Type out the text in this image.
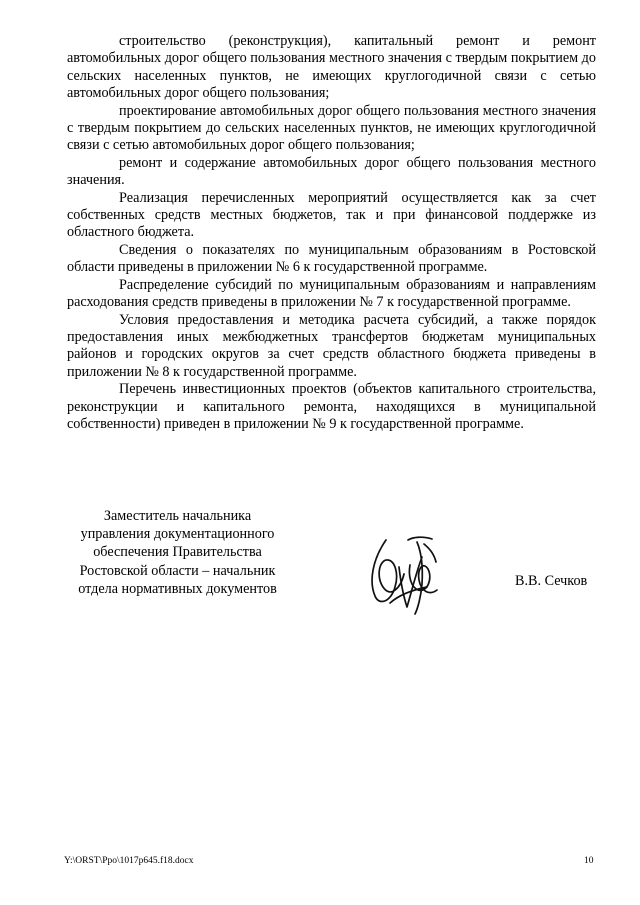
строительство (реконструкция), капитальный ремонт и ремонт автомобильных дорог общего пользования местного значения с твердым покрытием до сельских населенных пунктов, не имеющих круглогодичной связи с сетью автомобильных дорог общего пользования;

проектирование автомобильных дорог общего пользования местного значения с твердым покрытием до сельских населенных пунктов, не имеющих круглогодичной связи с сетью автомобильных дорог общего пользования;

ремонт и содержание автомобильных дорог общего пользования местного значения.

Реализация перечисленных мероприятий осуществляется как за счет собственных средств местных бюджетов, так и при финансовой поддержке из областного бюджета.

Сведения о показателях по муниципальным образованиям в Ростовской области приведены в приложении № 6 к государственной программе.

Распределение субсидий по муниципальным образованиям и направлениям расходования средств приведены в приложении № 7 к государственной программе.

Условия предоставления и методика расчета субсидий, а также порядок предоставления иных межбюджетных трансфертов бюджетам муниципальных районов и городских округов за счет средств областного бюджета приведены в приложении № 8 к государственной программе.

Перечень инвестиционных проектов (объектов капитального строительства, реконструкции и капитального ремонта, находящихся в муниципальной собственности) приведен в приложении № 9 к государственной программе.

Заместитель начальника
управления документационного
обеспечения Правительства
Ростовской области – начальник
отдела нормативных документов	В.В. Сечков
Y:\ORST\Ppo\1017p645.f18.docx	10
